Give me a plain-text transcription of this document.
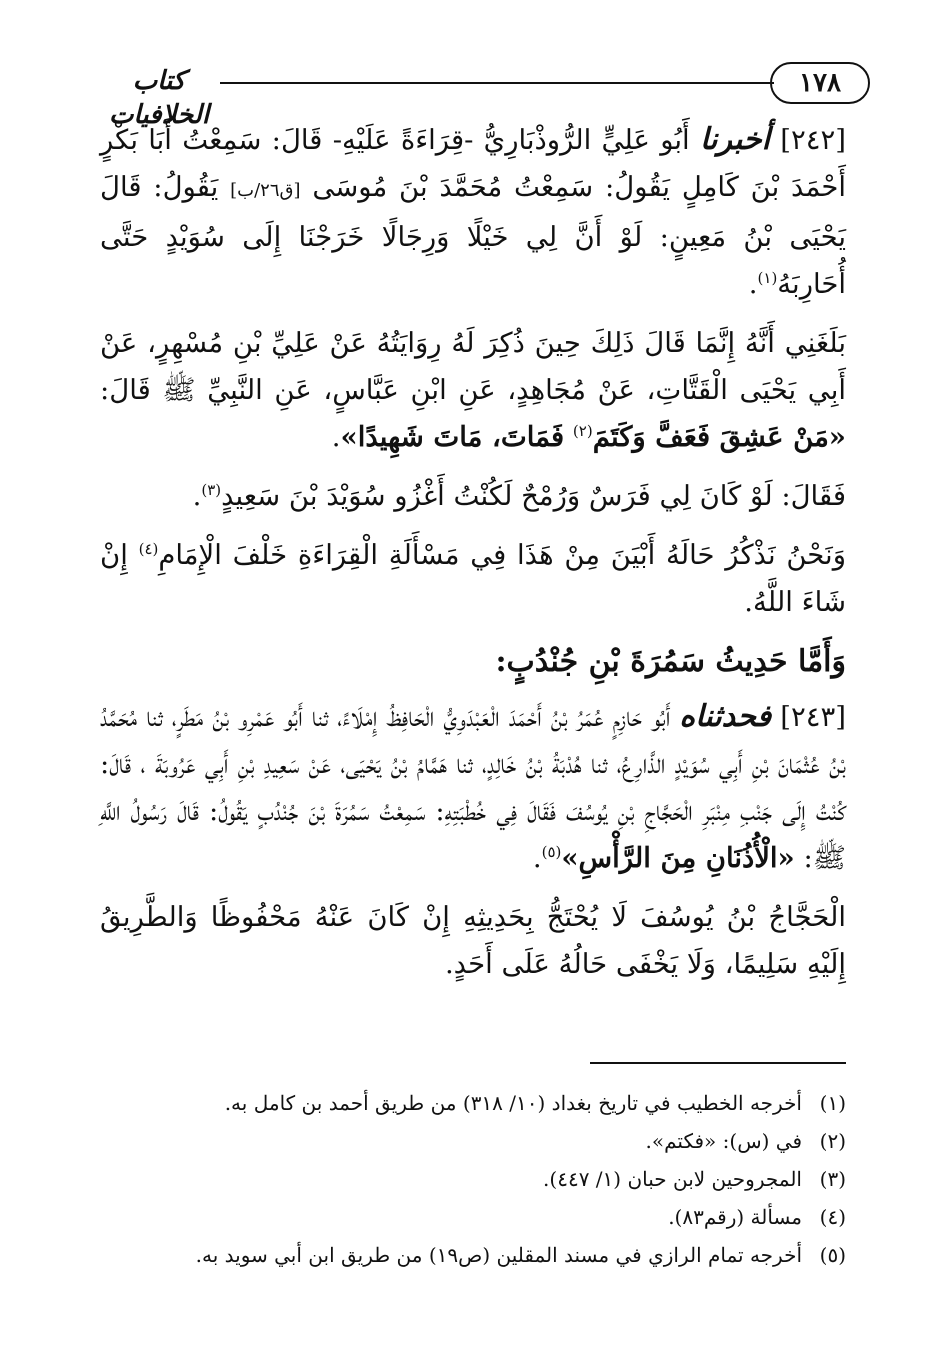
١٧٨
كتاب الخلافيات

[٢٤٢] أخبرنا أَبُو عَلِيٍّ الرُّوذْبَارِيُّ -قِرَاءَةً عَلَيْهِ- قَالَ: سَمِعْتُ أَبَا بَكْرٍ أَحْمَدَ بْنَ كَامِلٍ يَقُولُ: سَمِعْتُ مُحَمَّدَ بْنَ مُوسَى [ق٢٦/ب] يَقُولُ: قَالَ يَحْيَى بْنُ مَعِينٍ: لَوْ أَنَّ لِي خَيْلًا وَرِجَالًا خَرَجْنَا إِلَى سُوَيْدٍ حَتَّى أُحَارِبَهُ$^{(١)}$.

بَلَغَنِي أَنَّهُ إِنَّمَا قَالَ ذَلِكَ حِينَ ذُكِرَ لَهُ رِوَايَتُهُ عَنْ عَلِيِّ بْنِ مُسْهِرٍ، عَنْ أَبِي يَحْيَى الْقَتَّاتِ، عَنْ مُجَاهِدٍ، عَنِ ابْنِ عَبَّاسٍ، عَنِ النَّبِيِّ ﷺ قَالَ: «مَنْ عَشِقَ فَعَفَّ وَكَتَمَ$^{(٢)}$ فَمَاتَ، مَاتَ شَهِيدًا».

فَقَالَ: لَوْ كَانَ لِي فَرَسٌ وَرُمْحٌ لَكُنْتُ أَغْزُو سُوَيْدَ بْنَ سَعِيدٍ$^{(٣)}$.

وَنَحْنُ نَذْكُرُ حَالَهُ أَبْيَنَ مِنْ هَذَا فِي مَسْأَلَةِ الْقِرَاءَةِ خَلْفَ الْإِمَامِ$^{(٤)}$ إِنْ شَاءَ اللَّهُ.

وَأَمَّا حَدِيثُ سَمُرَةَ بْنِ جُنْدُبٍ:

[٢٤٣] فحدثناه أَبُو حَازِمٍ عُمَرُ بْنُ أَحْمَدَ الْعَبْدَوِيُّ الْحَافِظُ إِمْلَاءً، ثنا أَبُو عَمْرِو بْنُ مَطَرٍ، ثنا مُحَمَّدُ بْنُ عُثْمَانَ بْنِ أَبِي سُوَيْدٍ الذَّارِعُ، ثنا هُدْبَةُ بْنُ خَالِدٍ، ثنا هَمَّامُ بْنُ يَحْيَى، عَنْ سَعِيدِ بْنِ أَبِي عَرُوبَةَ ، قَالَ: كُنْتُ إِلَى جَنْبِ مِنْبَرِ الْحَجَّاجِ بْنِ يُوسُفَ فَقَالَ فِي خُطْبَتِهِ: سَمِعْتُ سَمُرَةَ بْنَ جُنْدُبٍ يَقُولُ: قَالَ رَسُولُ اللَّهِ ﷺ: «الْأُذُنَانِ مِنَ الرَّأْسِ»$^{(٥)}$.

الْحَجَّاجُ بْنُ يُوسُفَ لَا يُحْتَجُّ بِحَدِيثِهِ إِنْ كَانَ عَنْهُ مَحْفُوظًا وَالطَّرِيقُ إِلَيْهِ سَلِيمًا، وَلَا يَخْفَى حَالُهُ عَلَى أَحَدٍ.

(١)
أخرجه الخطيب في تاريخ بغداد (١٠/ ٣١٨) من طريق أحمد بن كامل به.
(٢)
في (س): «فكتم».
(٣)
المجروحين لابن حبان (١/ ٤٤٧).
(٤)
مسألة (رقم٨٣).
(٥)
أخرجه تمام الرازي في مسند المقلين (ص١٩) من طريق ابن أبي سويد به.
